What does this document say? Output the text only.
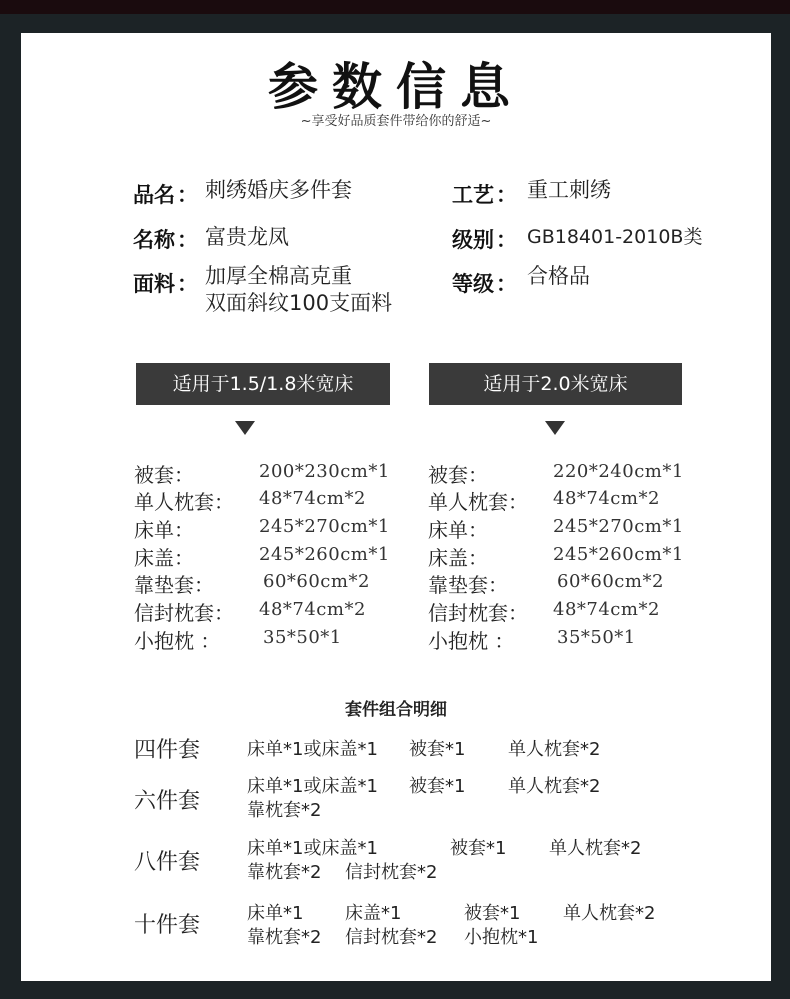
参数信息
~享受好品质套件带给你的舒适~
品名 ： 刺绣婚庆多件套
名称 ： 富贵龙凤
面料 ： 加厚全棉高克重
双面斜纹100支面料
工艺 ： 重工刺绣
级别 ： GB18401-2010B类
等级 ： 合格品
适用于1.5/1.8米宽床	适用于2.0米宽床
被套：	200*230cm*1
单人枕套： 48*74cm*2
床单：	245*270cm*1
床盖：	245*260cm*1
靠垫套：	60*60cm*2
信封枕套： 48*74cm*2
小抱枕 ： 35*50*1
被套：	220*240cm*1
单人枕套： 48*74cm*2
床单：	245*270cm*1
床盖：	245*260cm*1
靠垫套：	60*60cm*2
信封枕套： 48*74cm*2
小抱枕 ： 35*50*1
套件组合明细
四件套	床单*1或床盖*1 被套*1 单人枕套*2
六件套
床单*1或床盖*1 被套*1 单人枕套*2
靠枕套*2
八件套
床单*1或床盖*1	被套*1 单人枕套*2
靠枕套*2 信封枕套*2
十件套	床单*1 床盖*1	被套*1 单人枕套*2
靠枕套*2 信封枕套*2 小抱枕*1
